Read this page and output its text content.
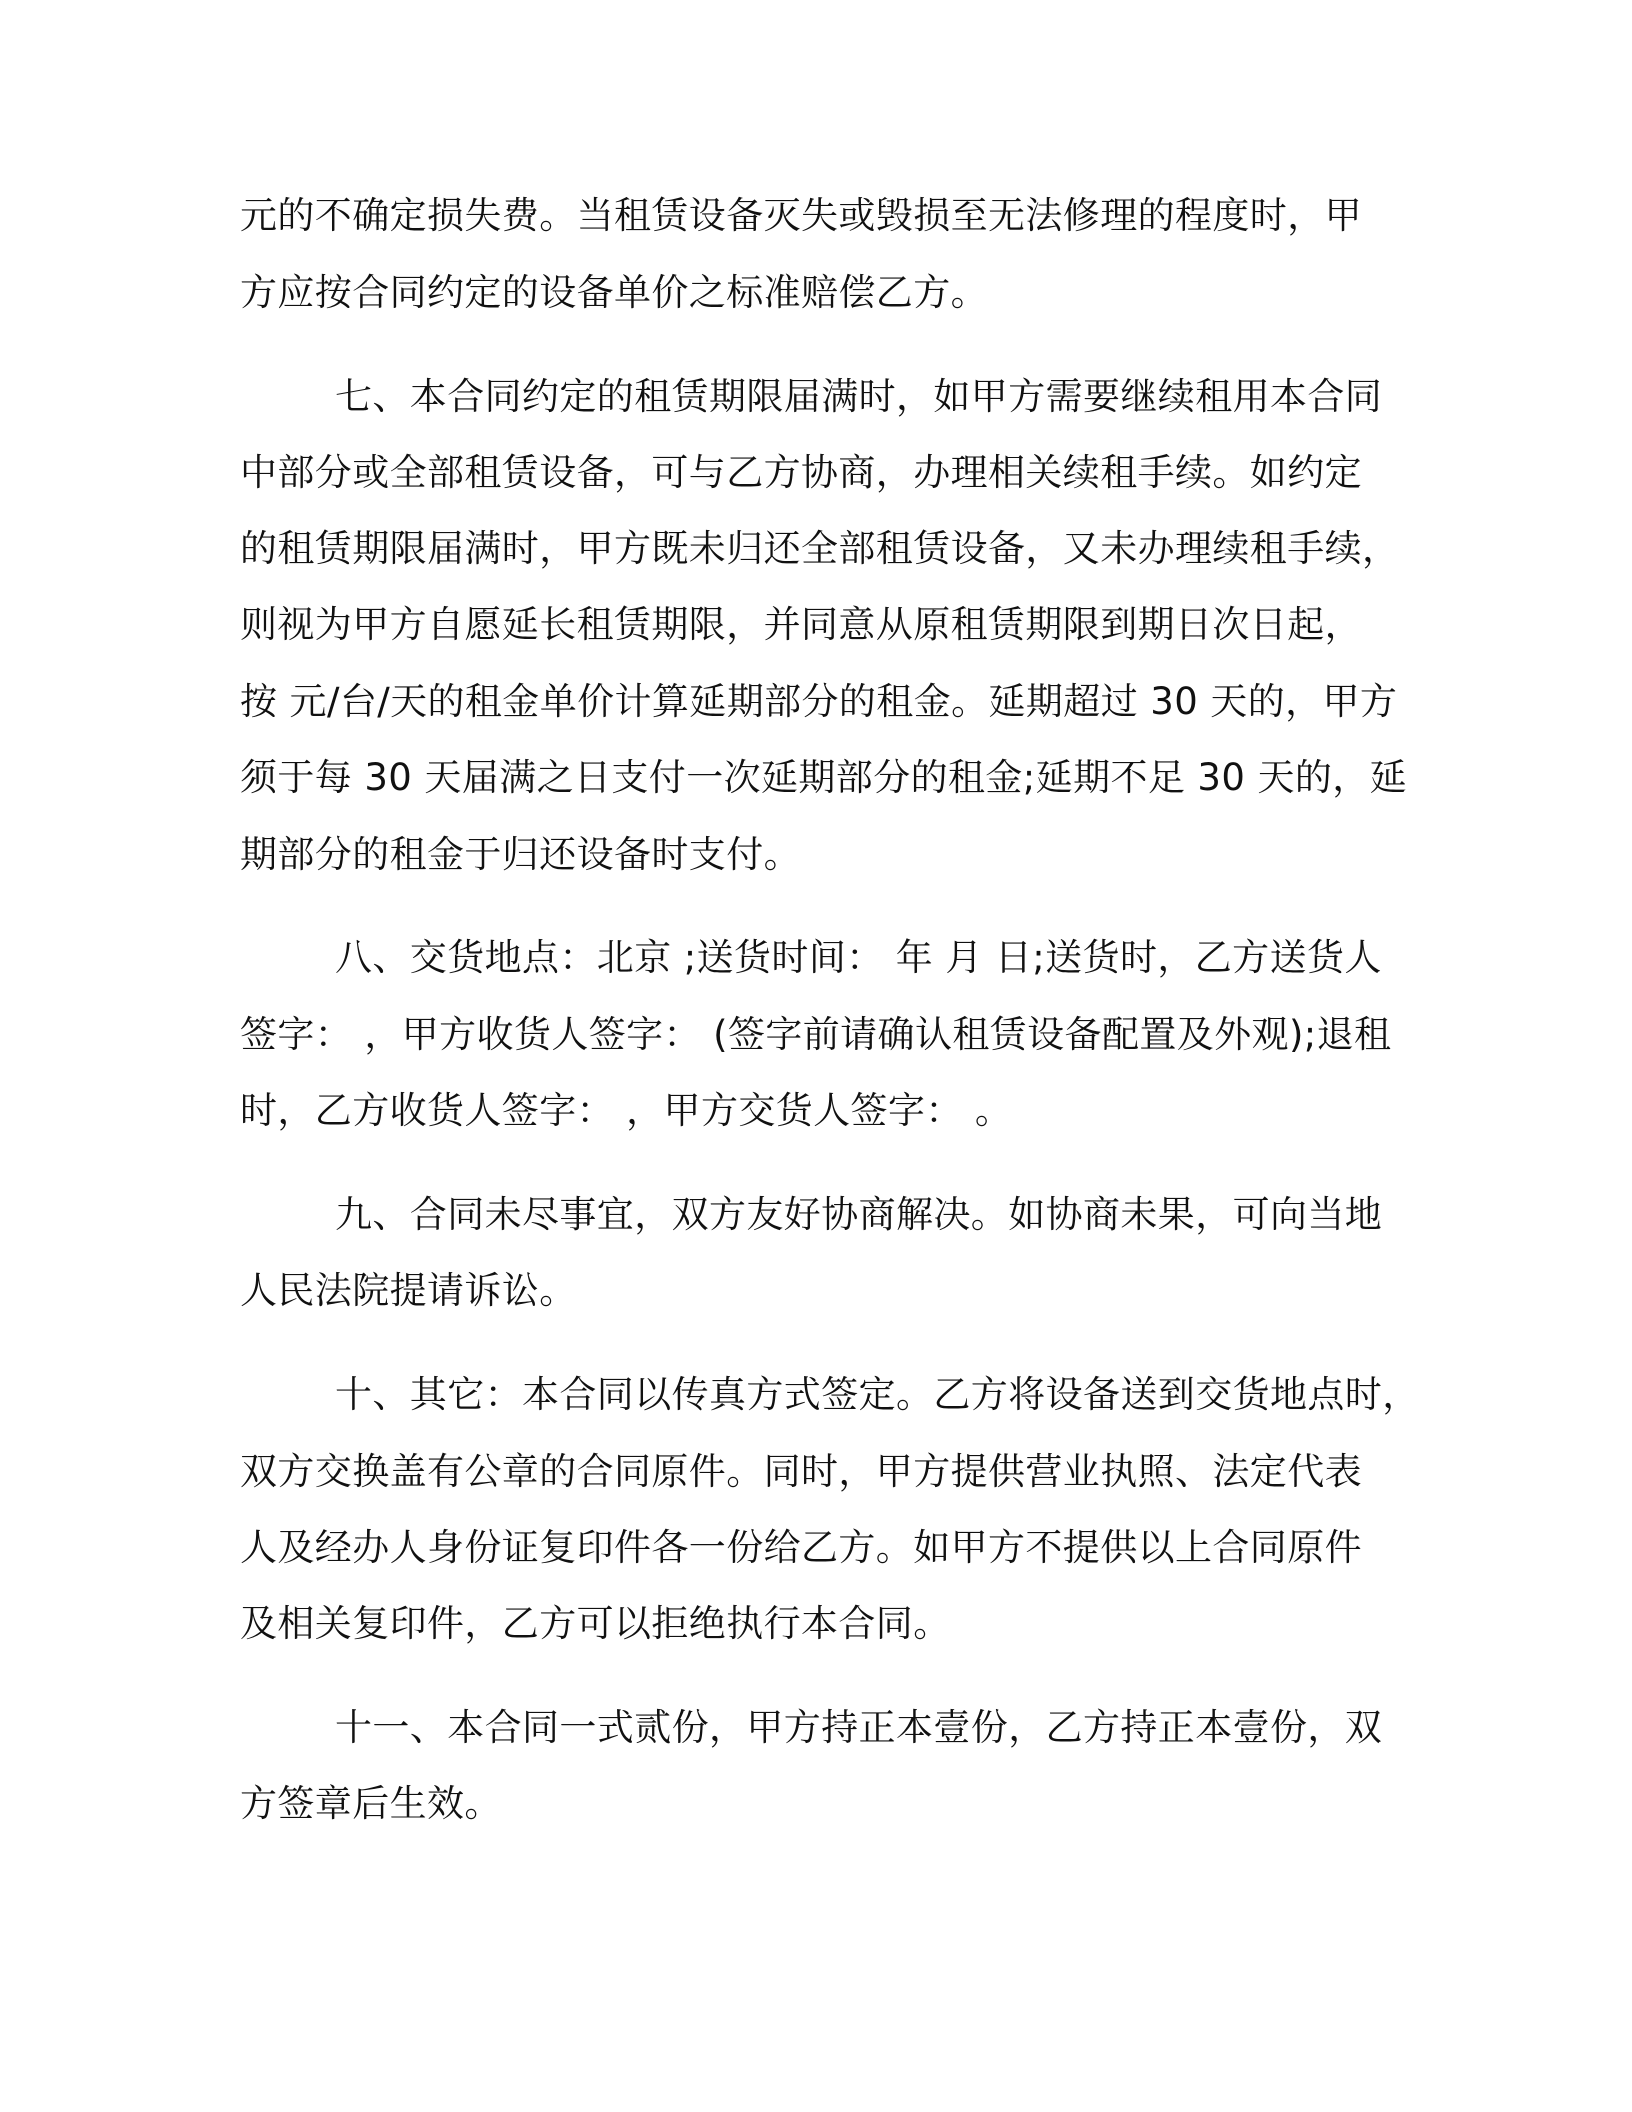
元的不确定损失费。当租赁设备灭失或毁损至无法修理的程度时，甲

方应按合同约定的设备单价之标准赔偿乙方。

七、本合同约定的租赁期限届满时，如甲方需要继续租用本合同

中部分或全部租赁设备，可与乙方协商，办理相关续租手续。如约定

的租赁期限届满时，甲方既未归还全部租赁设备，又未办理续租手续，

则视为甲方自愿延长租赁期限，并同意从原租赁期限到期日次日起，

按 元/台/天的租金单价计算延期部分的租金。延期超过 30 天的，甲方

须于每 30 天届满之日支付一次延期部分的租金;延期不足 30 天的，延

期部分的租金于归还设备时支付。

八、交货地点：北京 ;送货时间： 年 月 日;送货时，乙方送货人

签字： ，甲方收货人签字： (签字前请确认租赁设备配置及外观);退租

时，乙方收货人签字： ，甲方交货人签字： 。

九、合同未尽事宜，双方友好协商解决。如协商未果，可向当地

人民法院提请诉讼。

十、其它：本合同以传真方式签定。乙方将设备送到交货地点时，

双方交换盖有公章的合同原件。同时，甲方提供营业执照、法定代表

人及经办人身份证复印件各一份给乙方。如甲方不提供以上合同原件

及相关复印件，乙方可以拒绝执行本合同。

十一、本合同一式贰份，甲方持正本壹份，乙方持正本壹份，双

方签章后生效。
